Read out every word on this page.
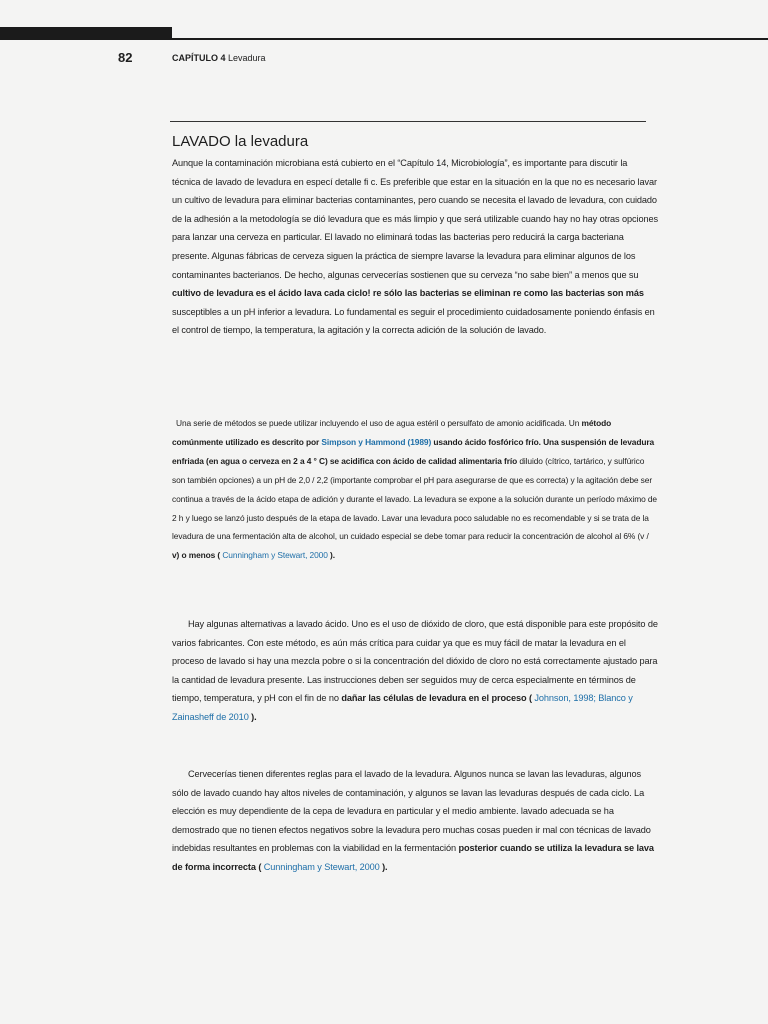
82	CAPÍTULO 4 Levadura
LAVADO la levadura

Aunque la contaminación microbiana está cubierto en el “Capítulo 14, Microbiología”, es importante para discutir la técnica de lavado de levadura en especí detalle fi c. Es preferible que estar en la situación en la que no es necesario lavar un cultivo de levadura para eliminar bacterias contaminantes, pero cuando se necesita el lavado de levadura, con cuidado de la adhesión a la metodología se dió levadura que es más limpio y que será utilizable cuando hay no hay otras opciones para lanzar una cerveza en particular. El lavado no eliminará todas las bacterias pero reducirá la carga bacteriana presente. Algunas fábricas de cerveza siguen la práctica de siempre lavarse la levadura para eliminar algunos de los contaminantes bacterianos. De hecho, algunas cervecerías sostienen que su cerveza “no sabe bien” a menos que su cultivo de levadura es el ácido lava cada ciclo! re sólo las bacterias se eliminan re como las bacterias son más susceptibles a un pH inferior a levadura. Lo fundamental es seguir el procedimiento cuidadosamente poniendo énfasis en el control de tiempo, la temperatura, la agitación y la correcta adición de la solución de lavado.

Una serie de métodos se puede utilizar incluyendo el uso de agua estéril o persulfato de amonio acidificada. Un método comúnmente utilizado es descrito por Simpson y Hammond (1989) usando ácido fosfórico frío. Una suspensión de levadura enfriada (en agua o cerveza en 2 a 4 ° C) se acidifica con ácido de calidad alimentaria frío diluido (cítrico, tartárico, y sulfúrico son también opciones) a un pH de 2,0 / 2,2 (importante comprobar el pH para asegurarse de que es correcta) y la agitación debe ser continua a través de la ácido etapa de adición y durante el lavado. La levadura se expone a la solución durante un período máximo de 2 h y luego se lanzó justo después de la etapa de lavado. Lavar una levadura poco saludable no es recomendable y si se trata de la levadura de una fermentación alta de alcohol, un cuidado especial se debe tomar para reducir la concentración de alcohol al 6% (v / v) o menos ( Cunningham y Stewart, 2000 ).

Hay algunas alternativas a lavado ácido. Uno es el uso de dióxido de cloro, que está disponible para este propósito de varios fabricantes. Con este método, es aún más crítica para cuidar ya que es muy fácil de matar la levadura en el proceso de lavado si hay una mezcla pobre o si la concentración del dióxido de cloro no está correctamente ajustado para la cantidad de levadura presente. Las instrucciones deben ser seguidos muy de cerca especialmente en términos de tiempo, temperatura, y pH con el fin de no dañar las células de levadura en el proceso ( Johnson, 1998; Blanco y Zainasheff de 2010 ).

Cervecerías tienen diferentes reglas para el lavado de la levadura. Algunos nunca se lavan las levaduras, algunos sólo de lavado cuando hay altos niveles de contaminación, y algunos se lavan las levaduras después de cada ciclo. La elección es muy dependiente de la cepa de levadura en particular y el medio ambiente. lavado adecuada se ha demostrado que no tienen efectos negativos sobre la levadura pero muchas cosas pueden ir mal con técnicas de lavado indebidas resultantes en problemas con la viabilidad en la fermentación posterior cuando se utiliza la levadura se lava de forma incorrecta ( Cunningham y Stewart, 2000 ).
